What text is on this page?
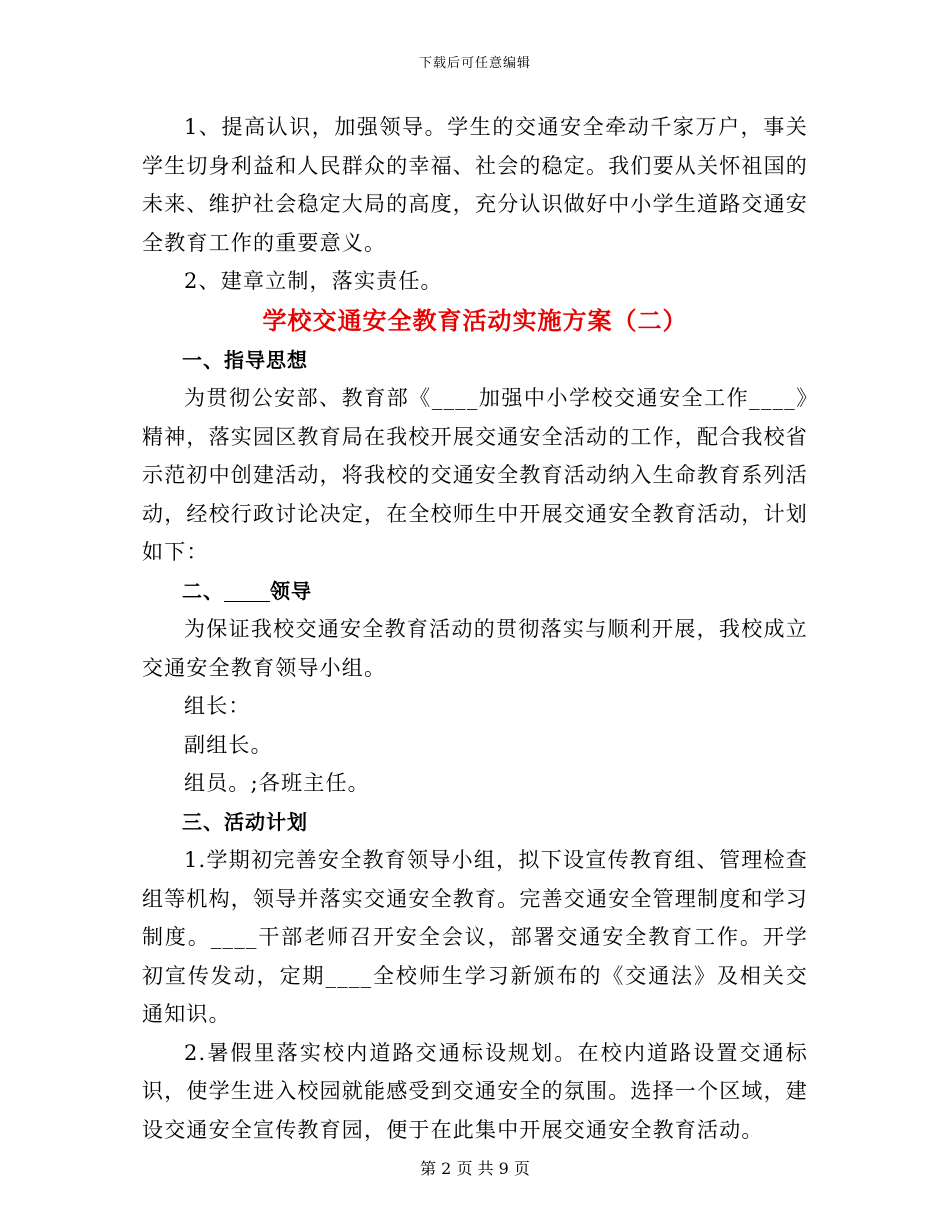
下载后可任意编辑

1、提高认识，加强领导。学生的交通安全牵动千家万户，事关学生切身利益和人民群众的幸福、社会的稳定。我们要从关怀祖国的未来、维护社会稳定大局的高度，充分认识做好中小学生道路交通安全教育工作的重要意义。

2、建章立制，落实责任。

学校交通安全教育活动实施方案（二）

一、指导思想

为贯彻公安部、教育部《____加强中小学校交通安全工作____》精神，落实园区教育局在我校开展交通安全活动的工作，配合我校省示范初中创建活动，将我校的交通安全教育活动纳入生命教育系列活动，经校行政讨论决定，在全校师生中开展交通安全教育活动，计划如下：

二、 领导

为保证我校交通安全教育活动的贯彻落实与顺利开展，我校成立交通安全教育领导小组。

组长：

副组长。

组员。;各班主任。

三、活动计划

1.学期初完善安全教育领导小组，拟下设宣传教育组、管理检查组等机构，领导并落实交通安全教育。完善交通安全管理制度和学习制度。____干部老师召开安全会议，部署交通安全教育工作。开学初宣传发动，定期____全校师生学习新颁布的《交通法》及相关交通知识。

2.暑假里落实校内道路交通标设规划。在校内道路设置交通标识，使学生进入校园就能感受到交通安全的氛围。选择一个区域，建设交通安全宣传教育园，便于在此集中开展交通安全教育活动。

第 2 页 共 9 页
